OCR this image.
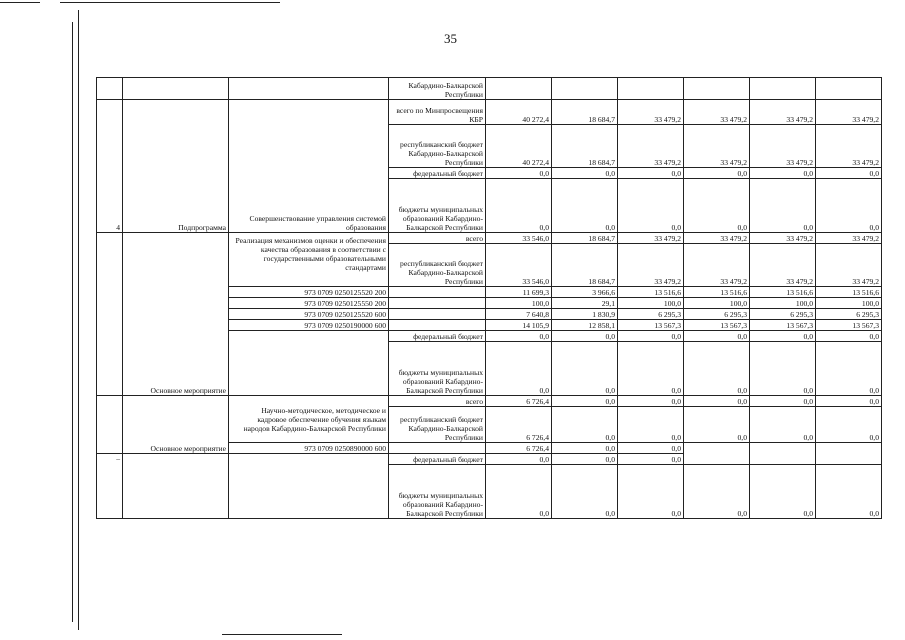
35
			Кабардино-Балкарской Республики						
4	Подпрограмма	Совершенствование управления системой образования	всего по Минпросвещения КБР	40 272,4	18 684,7	33 479,2	33 479,2	33 479,2	33 479,2
			республиканский бюджет Кабардино-Балкарской Республики	40 272,4	18 684,7	33 479,2	33 479,2	33 479,2	33 479,2
			федеральный бюджет	0,0	0,0	0,0	0,0	0,0	0,0
			бюджеты муниципальных образований Кабардино-Балкарской Республики	0,0	0,0	0,0	0,0	0,0	0,0
	Основное мероприятие	Реализация механизмов оценки и обеспечения качества образования в соответствии с государственными образовательными стандартами	всего	33 546,0	18 684,7	33 479,2	33 479,2	33 479,2	33 479,2
			республиканский бюджет Кабардино-Балкарской Республики	33 546,0	18 684,7	33 479,2	33 479,2	33 479,2	33 479,2
		973 0709 0250125520 200		11 699,3	3 966,6	13 516,6	13 516,6	13 516,6	13 516,6
		973 0709 0250125550 200		100,0	29,1	100,0	100,0	100,0	100,0
		973 0709 0250125520 600		7 640,8	1 830,9	6 295,3	6 295,3	6 295,3	6 295,3
		973 0709 0250190000 600		14 105,9	12 858,1	13 567,3	13 567,3	13 567,3	13 567,3
			федеральный бюджет	0,0	0,0	0,0	0,0	0,0	0,0
			бюджеты муниципальных образований Кабардино-Балкарской Республики	0,0	0,0	0,0	0,0	0,0	0,0
	Основное мероприятие	Научно-методическое, методическое и кадровое обеспечение обучения языкам народов Кабардино-Балкарской Республики	всего	6 726,4	0,0	0,0	0,0	0,0	0,0
			республиканский бюджет Кабардино-Балкарской Республики	6 726,4	0,0	0,0	0,0	0,0	0,0
		973 0709 0250890000 600		6 726,4	0,0	0,0			
–			федеральный бюджет	0,0	0,0	0,0			
			бюджеты муниципальных образований Кабардино-Балкарской Республики	0,0	0,0	0,0	0,0	0,0	0,0
